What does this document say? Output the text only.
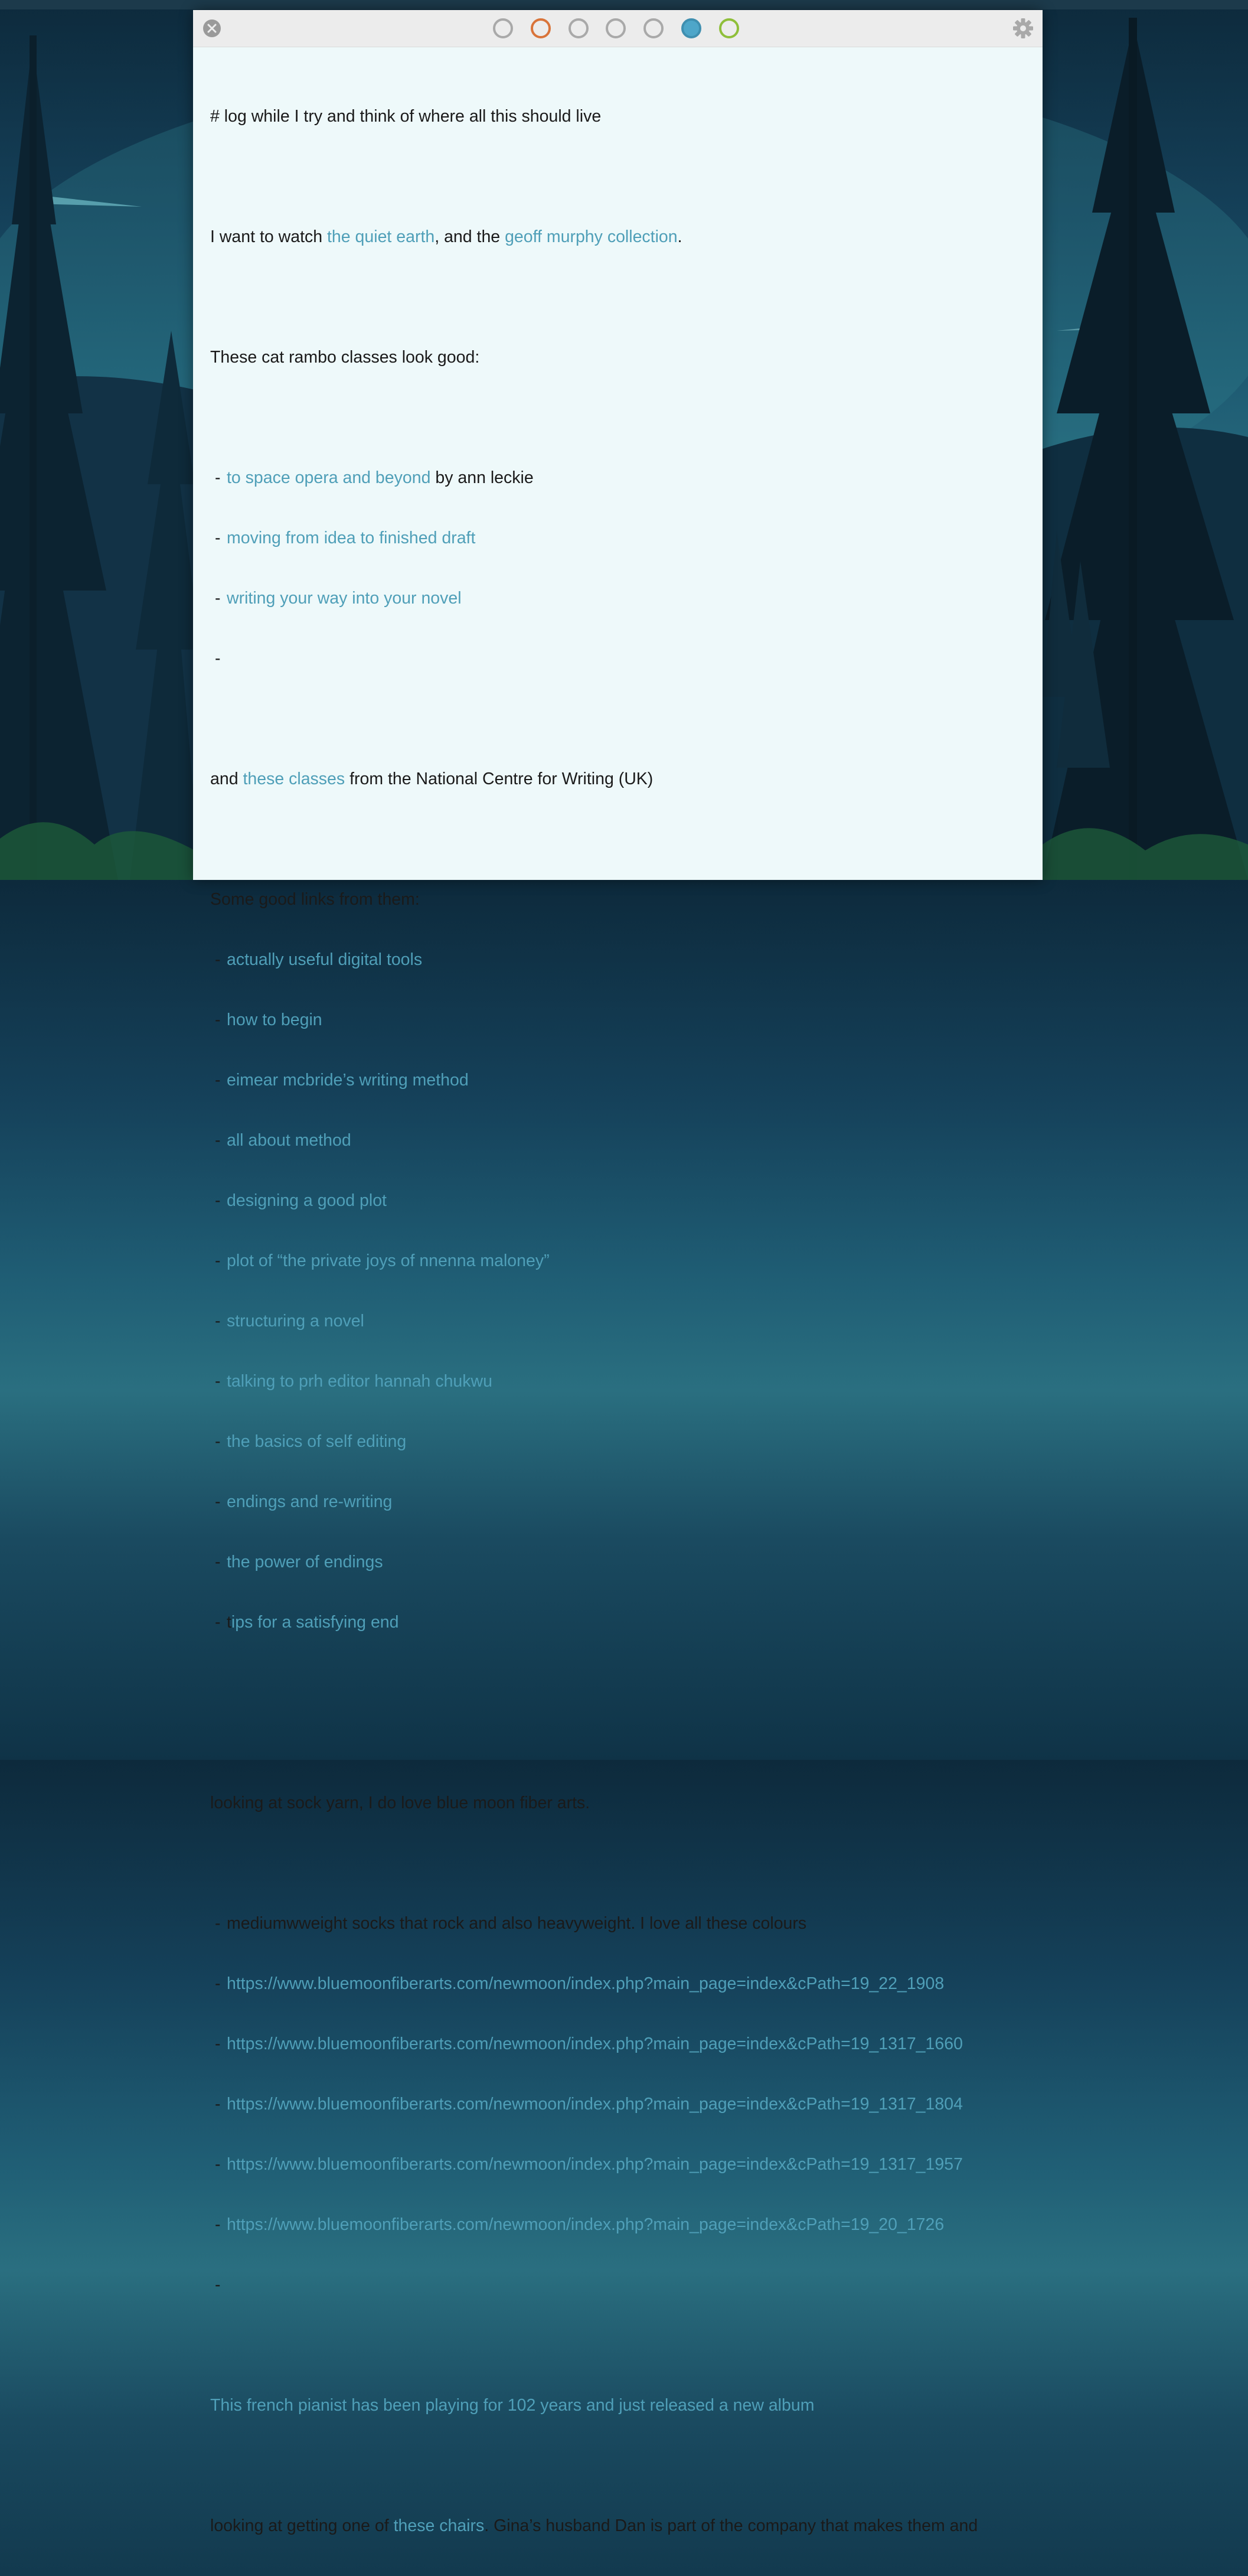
# log while I try and think of where all this should live

I want to watch the quiet earth, and the geoff murphy collection.

These cat rambo classes look good:

- to space opera and beyond by ann leckie

- moving from idea to finished draft

- writing your way into your novel

-

and these classes from the National Centre for Writing (UK)

Some good links from them:

- actually useful digital tools

- how to begin

- eimear mcbride’s writing method

- all about method

- designing a good plot

- plot of “the private joys of nnenna maloney”

- structuring a novel

- talking to prh editor hannah chukwu

- the basics of self editing

- endings and re-writing

- the power of endings

- tips for a satisfying end

looking at sock yarn, I do love blue moon fiber arts.

- mediumwweight socks that rock and also heavyweight. I love all these colours

- https://www.bluemoonfiberarts.com/newmoon/index.php?main_page=index&cPath=19_22_1908

- https://www.bluemoonfiberarts.com/newmoon/index.php?main_page=index&cPath=19_1317_1660

- https://www.bluemoonfiberarts.com/newmoon/index.php?main_page=index&cPath=19_1317_1804

- https://www.bluemoonfiberarts.com/newmoon/index.php?main_page=index&cPath=19_1317_1957

- https://www.bluemoonfiberarts.com/newmoon/index.php?main_page=index&cPath=19_20_1726

-

This french pianist has been playing for 102 years and just released a new album

looking at getting one of these chairs. Gina’s husband Dan is part of the company that makes them and
